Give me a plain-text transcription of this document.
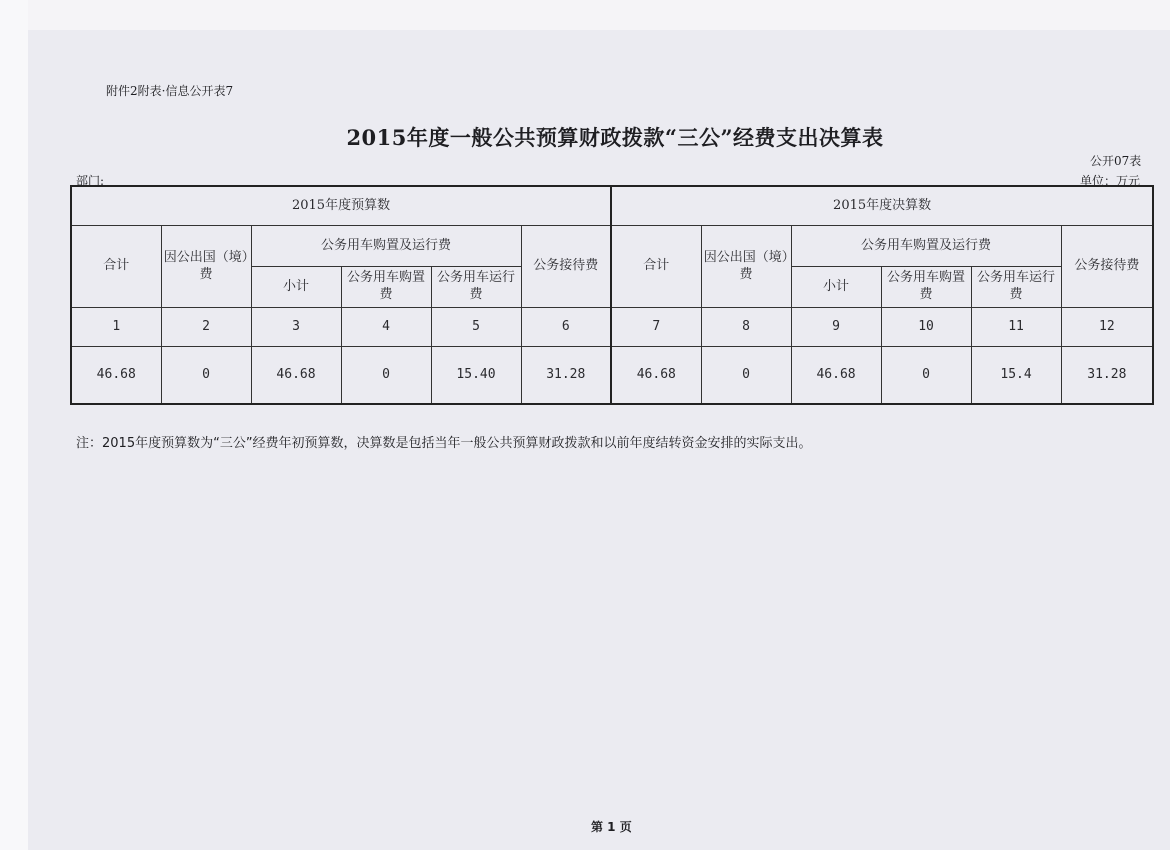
附件2附表·信息公开表7
2015年度一般公共预算财政拨款“三公”经费支出决算表
公开07表
部门:	单位：万元
2015年度预算数						2015年度决算数					
合计	因公出国（境）费	公务用车购置及运行费			公务接待费	合计	因公出国（境）费	公务用车购置及运行费			公务接待费
		小计	公务用车购置费	公务用车运行费				小计	公务用车购置费	公务用车运行费	
1	2	3	4	5	6	7	8	9	10	11	12
46.68	0	46.68	0	15.40	31.28	46.68	0	46.68	0	15.4	31.28
注：2015年度预算数为“三公”经费年初预算数，决算数是包括当年一般公共预算财政拨款和以前年度结转资金安排的实际支出。
第 1 页
